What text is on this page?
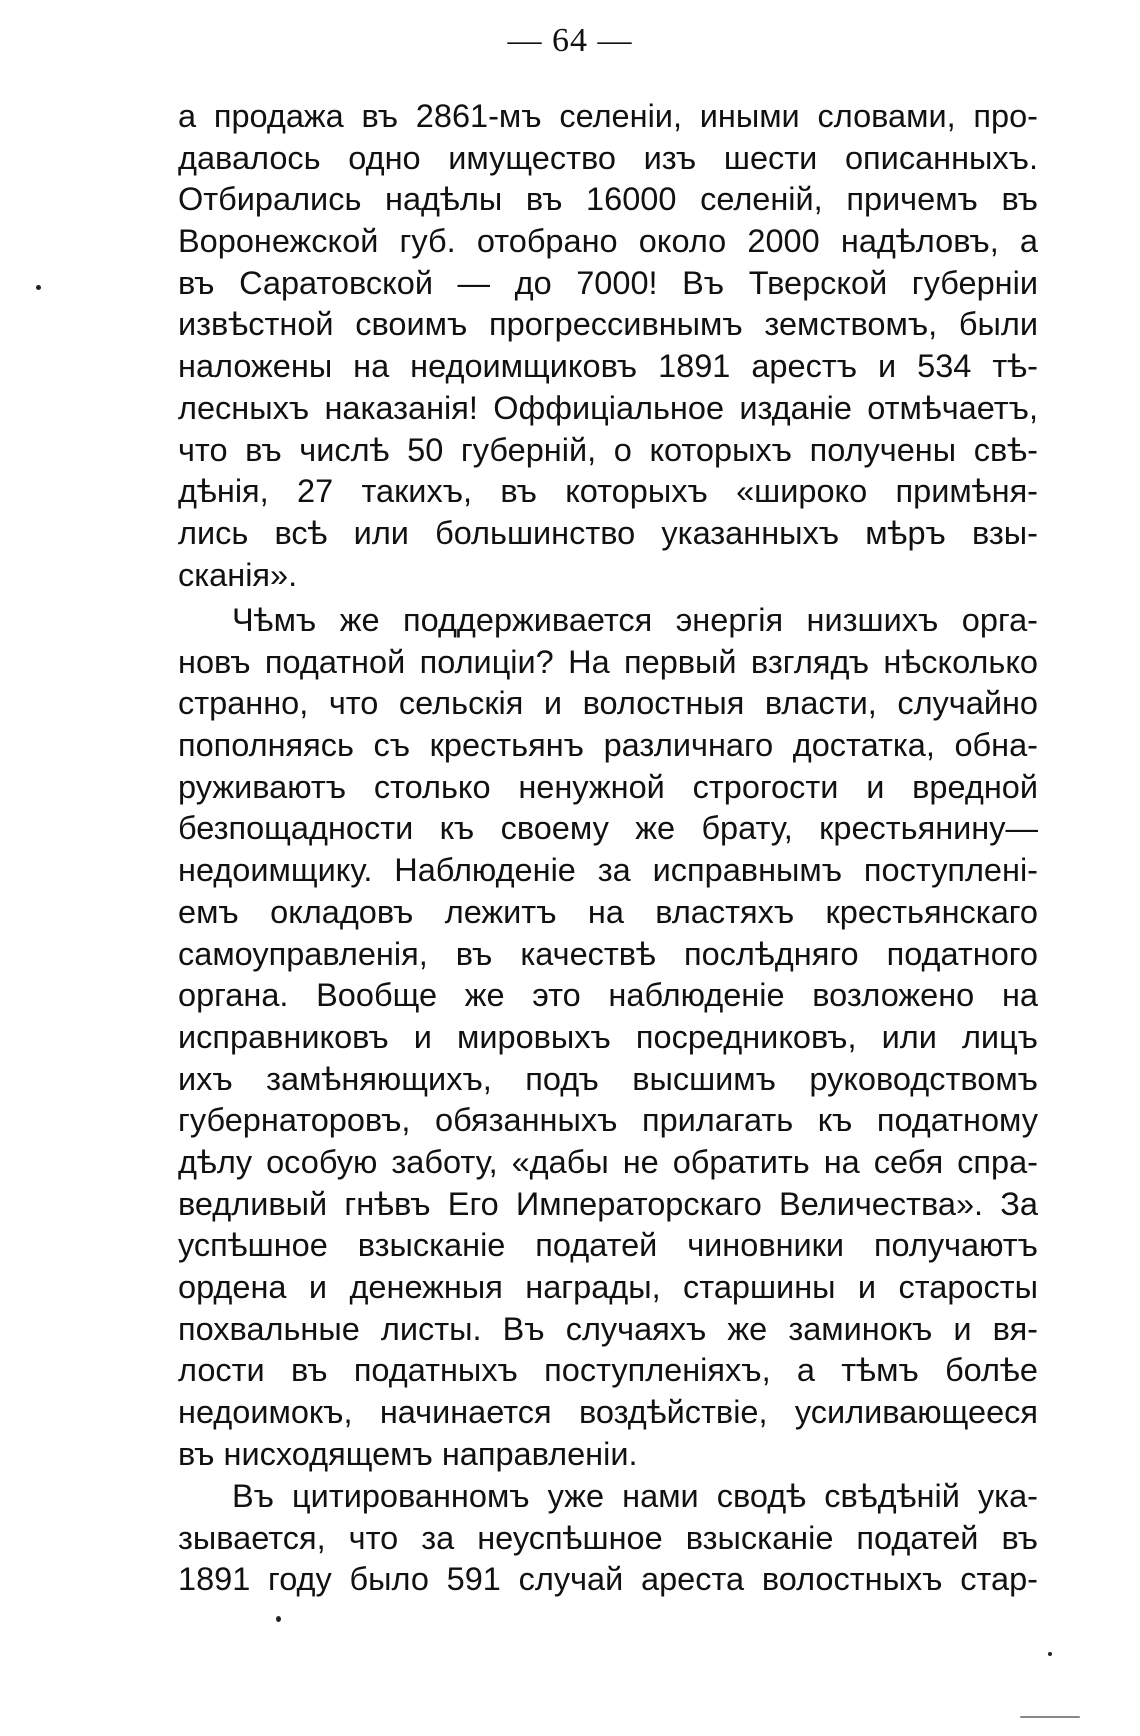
— 64 —
а продажа въ 2861-мъ селеніи, иными словами, про-
давалось одно имущество изъ шести описанныхъ.
Отбирались надѣлы въ 16000 селеній, причемъ въ
Воронежской губ. отобрано около 2000 надѣловъ, а
въ Саратовской — до 7000! Въ Тверской губерніи
извѣстной своимъ прогрессивнымъ земствомъ, были
наложены на недоимщиковъ 1891 арестъ и 534 тѣ-
лесныхъ наказанія! Оффиціальное изданіе отмѣчаетъ,
что въ числѣ 50 губерній, о которыхъ получены свѣ-
дѣнія, 27 такихъ, въ которыхъ «широко примѣня-
лись всѣ или большинство указанныхъ мѣръ взы-
сканія».
Чѣмъ же поддерживается энергія низшихъ орга-
новъ податной полиціи? На первый взглядъ нѣсколько
странно, что сельскія и волостныя власти, случайно
пополняясь съ крестьянъ различнаго достатка, обна-
руживаютъ столько ненужной строгости и вредной
безпощадности къ своему же брату, крестьянину—
недоимщику. Наблюденіе за исправнымъ поступлені-
емъ окладовъ лежитъ на властяхъ крестьянскаго
самоуправленія, въ качествѣ послѣдняго податного
органа. Вообще же это наблюденіе возложено на
исправниковъ и мировыхъ посредниковъ, или лицъ
ихъ замѣняющихъ, подъ высшимъ руководствомъ
губернаторовъ, обязанныхъ прилагать къ податному
дѣлу особую заботу, «дабы не обратить на себя спра-
ведливый гнѣвъ Его Императорскаго Величества». За
успѣшное взысканіе податей чиновники получаютъ
ордена и денежныя награды, старшины и старосты
похвальные листы. Въ случаяхъ же заминокъ и вя-
лости въ податныхъ поступленіяхъ, а тѣмъ болѣе
недоимокъ, начинается воздѣйствіе, усиливающееся
въ нисходящемъ направленіи.
Въ цитированномъ уже нами сводѣ свѣдѣній ука-
зывается, что за неуспѣшное взысканіе податей въ
1891 году было 591 случай ареста волостныхъ стар-
